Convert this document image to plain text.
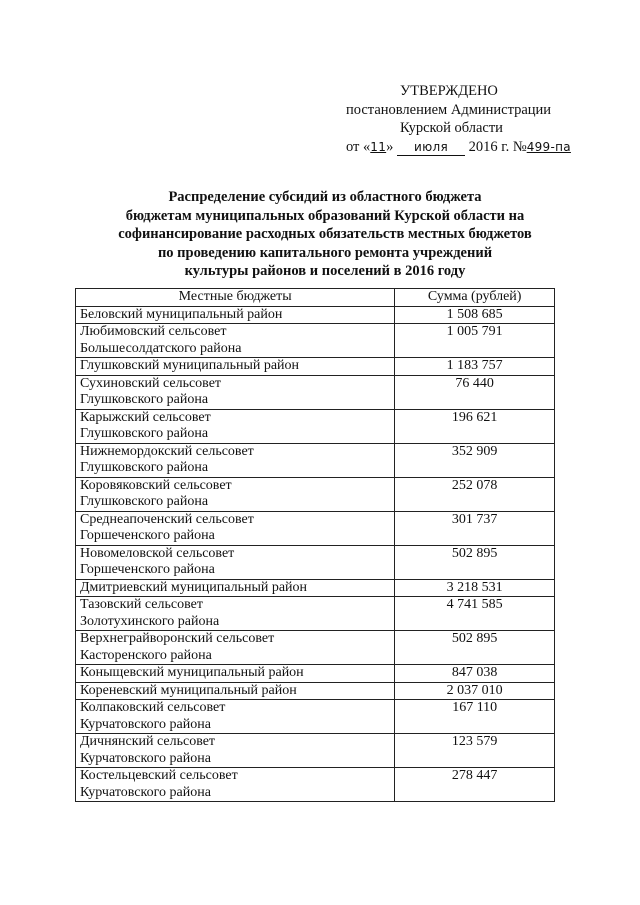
УТВЕРЖДЕНО
постановлением Администрации
Курской области
от «11» июля 2016 г. №499-па
Распределение субсидий из областного бюджета
бюджетам муниципальных образований Курской области на
софинансирование расходных обязательств местных бюджетов
по проведению капитального ремонта учреждений
культуры районов и поселений в 2016 году
Местные бюджеты	Сумма (рублей)

Беловский муниципальный район	1 508 685

Любимовский сельсовет
Большесолдатского района	1 005 791

Глушковский муниципальный район	1 183 757

Сухиновский сельсовет
Глушковского района	76 440

Карыжский сельсовет
Глушковского района	196 621

Нижнемордокский сельсовет
Глушковского района	352 909

Коровяковский сельсовет
Глушковского района	252 078

Среднеапоченский сельсовет
Горшеченского района	301 737

Новомеловской сельсовет
Горшеченского района	502 895

Дмитриевский муниципальный район	3 218 531

Тазовский сельсовет
Золотухинского района	4 741 585

Верхнеграйворонский сельсовет
Касторенского района	502 895

Коныщевский муниципальный район	847 038

Кореневский муниципальный район	2 037 010

Колпаковский сельсовет
Курчатовского района	167 110

Дичнянский сельсовет
Курчатовского района	123 579

Костельцевский сельсовет
Курчатовского района	278 447
